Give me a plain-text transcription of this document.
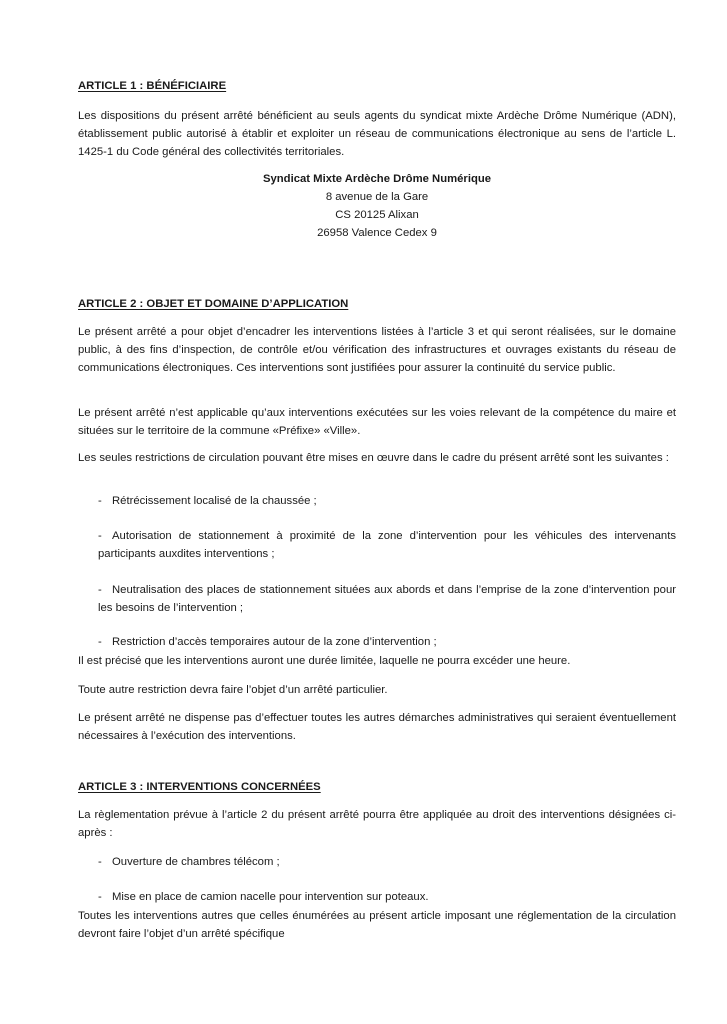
ARTICLE 1 : BÉNÉFICIAIRE

Les dispositions du présent arrêté bénéficient au seuls agents du syndicat mixte Ardèche Drôme Numérique (ADN), établissement public autorisé à établir et exploiter un réseau de communications électronique au sens de l’article L. 1425-1 du Code général des collectivités territoriales.

Syndicat Mixte Ardèche Drôme Numérique
8 avenue de la Gare
CS 20125 Alixan
26958 Valence Cedex 9
ARTICLE 2 : OBJET ET DOMAINE D’APPLICATION

Le présent arrêté a pour objet d’encadrer les interventions listées à l’article 3 et qui seront réalisées, sur le domaine public, à des fins d’inspection, de contrôle et/ou vérification des infrastructures et ouvrages existants du réseau de communications électroniques. Ces interventions sont justifiées pour assurer la continuité du service public.

Le présent arrêté n’est applicable qu’aux interventions exécutées sur les voies relevant de la compétence du maire et situées sur le territoire de la commune «Préfixe» «Ville».

Les seules restrictions de circulation pouvant être mises en œuvre dans le cadre du présent arrêté sont les suivantes :

- Rétrécissement localisé de la chaussée ;
- Autorisation de stationnement à proximité de la zone d’intervention pour les véhicules des intervenants participants auxdites interventions ;
- Neutralisation des places de stationnement situées aux abords et dans l’emprise de la zone d’intervention pour les besoins de l’intervention ;
- Restriction d’accès temporaires autour de la zone d’intervention ;

Il est précisé que les interventions auront une durée limitée, laquelle ne pourra excéder une heure.

Toute autre restriction devra faire l’objet d’un arrêté particulier.

Le présent arrêté ne dispense pas d’effectuer toutes les autres démarches administratives qui seraient éventuellement nécessaires à l’exécution des interventions.

ARTICLE 3 : INTERVENTIONS CONCERNÉES

La règlementation prévue à l’article 2 du présent arrêté pourra être appliquée au droit des interventions désignées ci-après :

- Ouverture de chambres télécom ;
- Mise en place de camion nacelle pour intervention sur poteaux.

Toutes les interventions autres que celles énumérées au présent article imposant une réglementation de la circulation devront faire l’objet d’un arrêté spécifique
